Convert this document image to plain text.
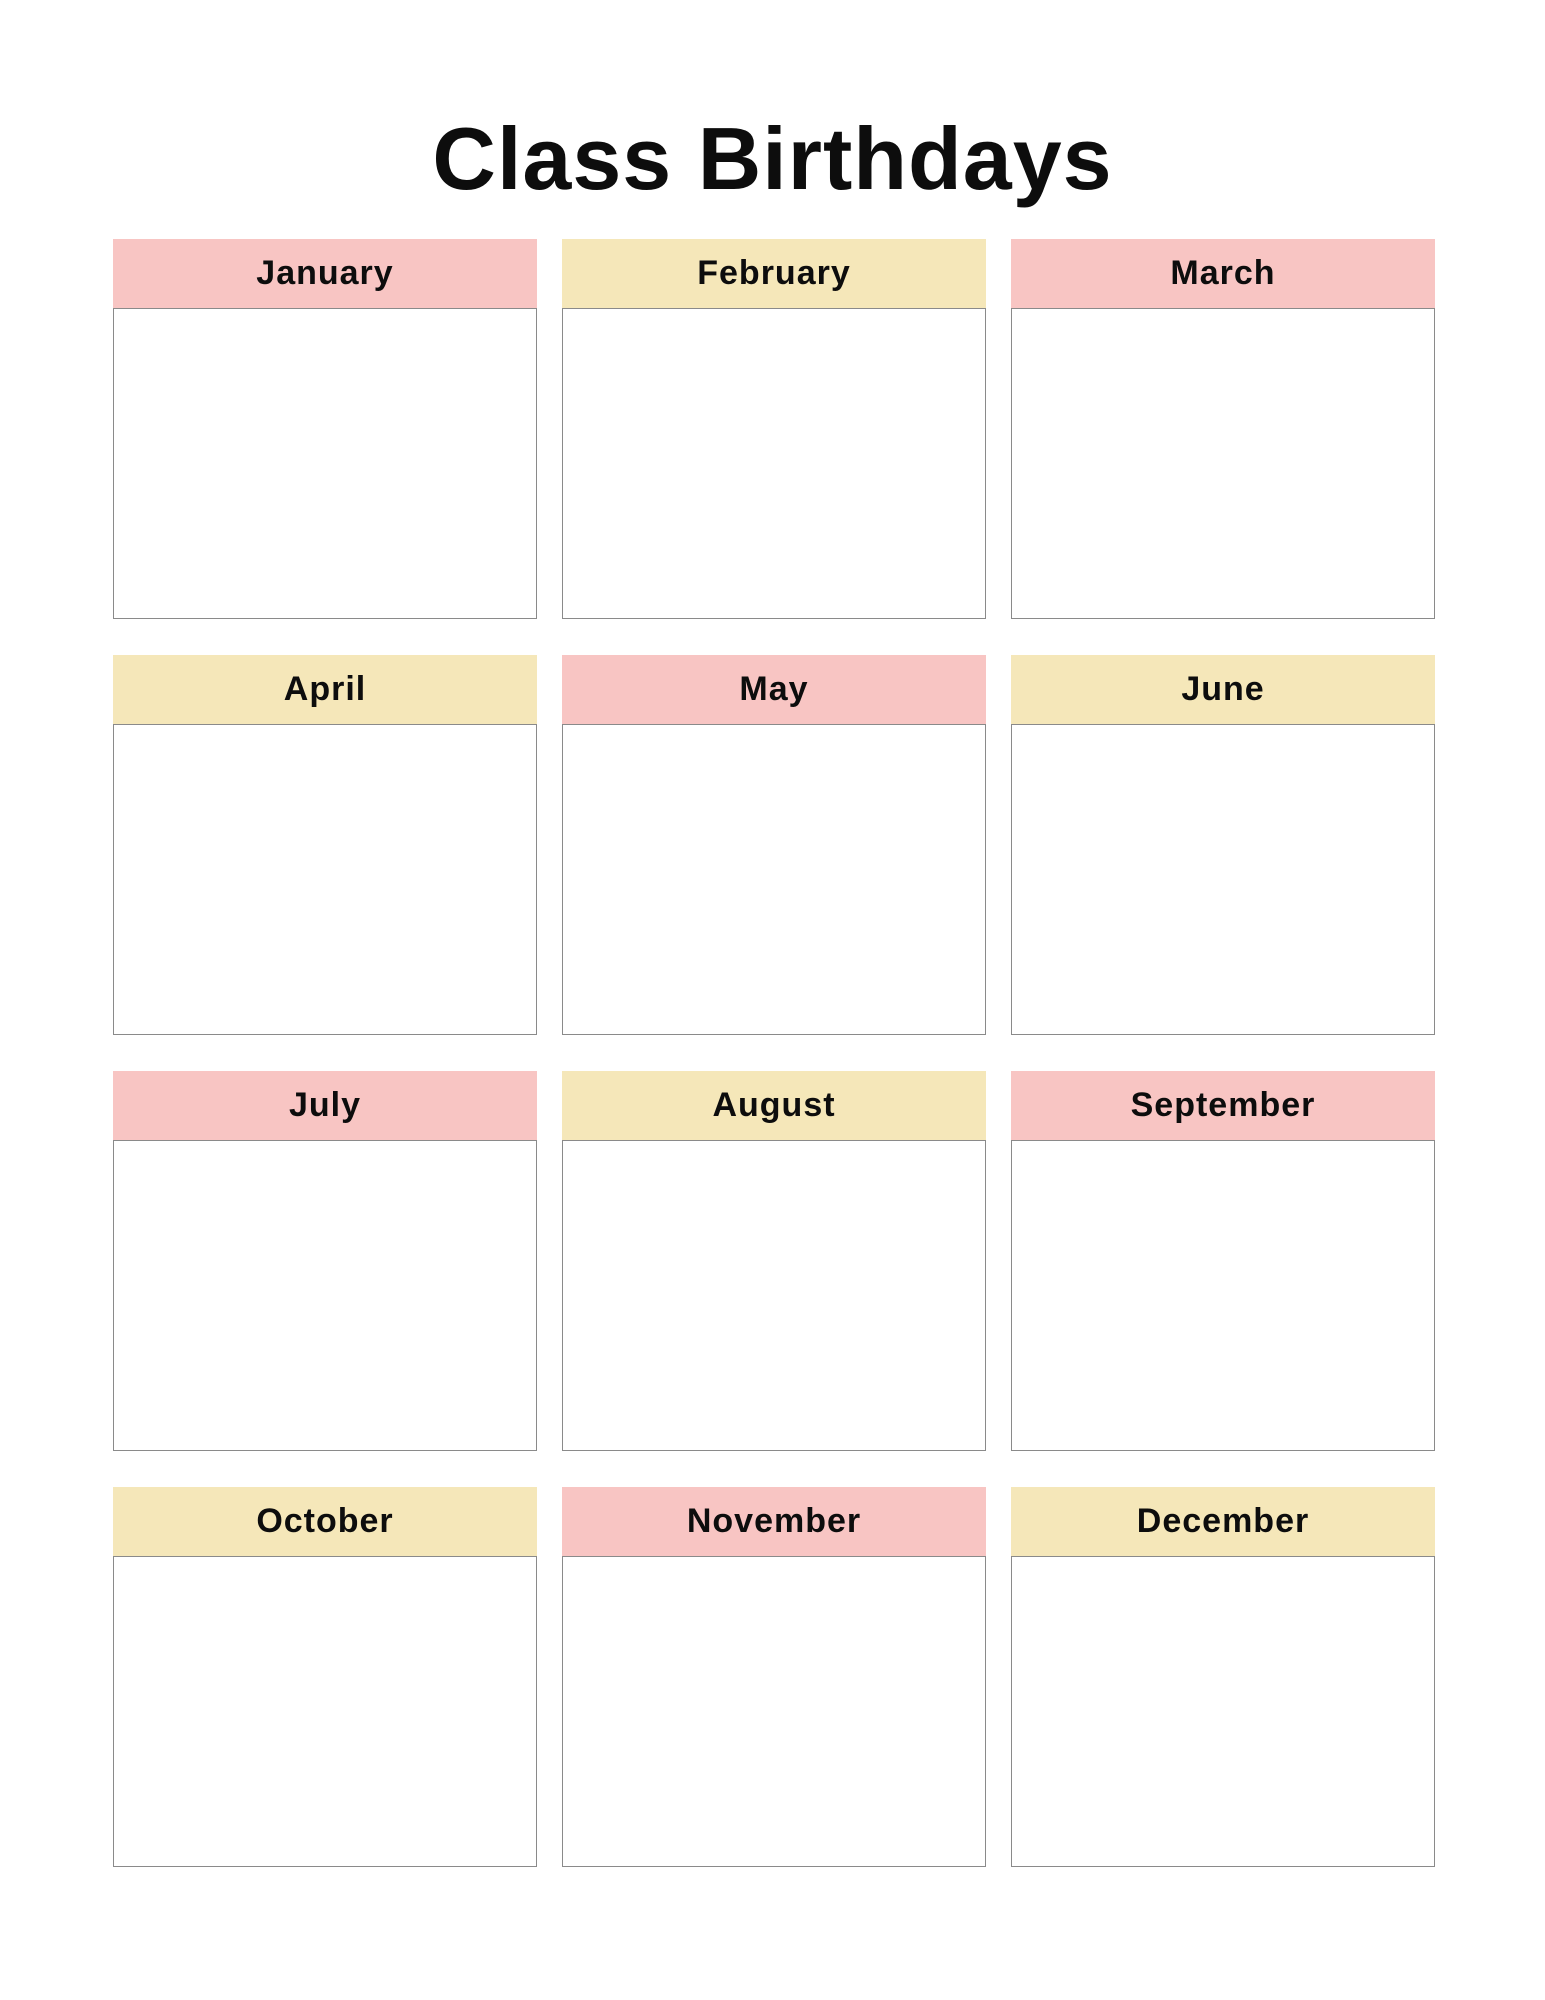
Class Birthdays
January	February	March
April	May	June
July	August	September
October	November	December
